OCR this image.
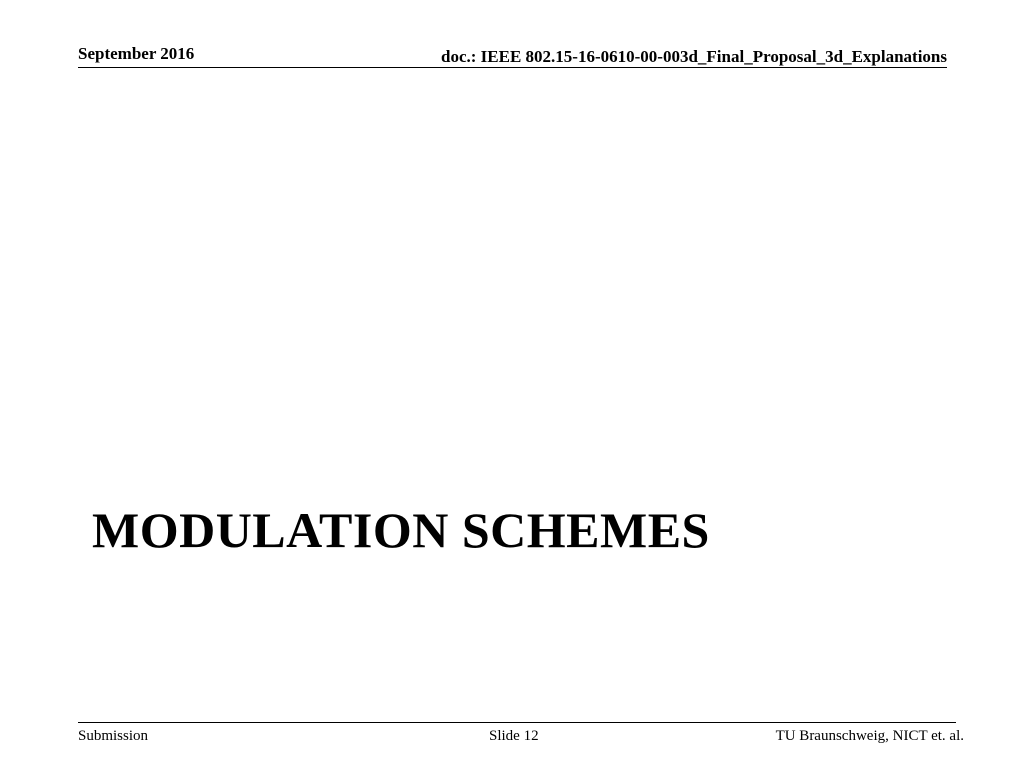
September 2016	doc.: IEEE 802.15-16-0610-00-003d_Final_Proposal_3d_Explanations
MODULATION SCHEMES
Submission	Slide 12	TU Braunschweig, NICT et. al.
